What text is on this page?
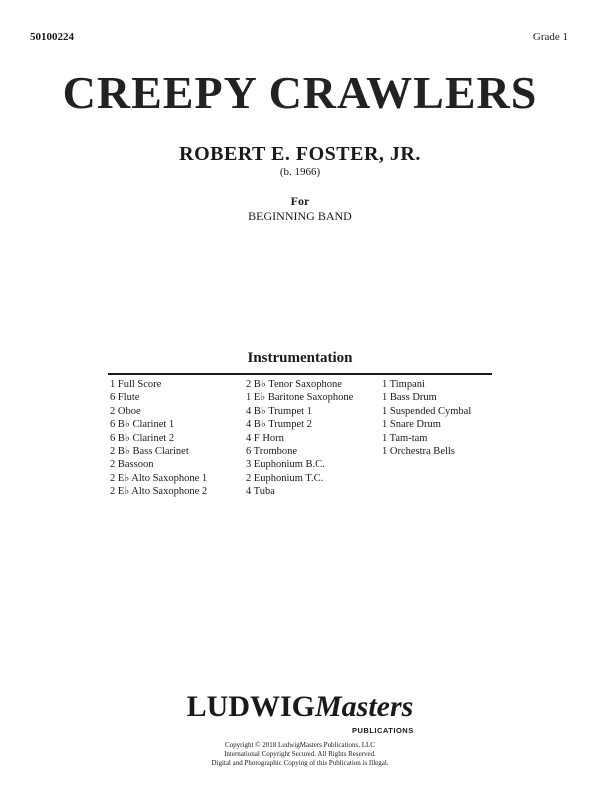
50100224	Grade 1
CREEPY CRAWLERS
ROBERT E. FOSTER, JR.
(b. 1966)
For
BEGINNING BAND
Instrumentation
1 Full Score
6 Flute
2 Oboe
6 B♭ Clarinet 1
6 B♭ Clarinet 2
2 B♭ Bass Clarinet
2 Bassoon
2 E♭ Alto Saxophone 1
2 E♭ Alto Saxophone 2
2 B♭ Tenor Saxophone
1 E♭ Baritone Saxophone
4 B♭ Trumpet 1
4 B♭ Trumpet 2
4 F Horn
6 Trombone
3 Euphonium B.C.
2 Euphonium T.C.
4 Tuba
1 Timpani
1 Bass Drum
1 Suspended Cymbal
1 Snare Drum
1 Tam-tam
1 Orchestra Bells
LUDWIGMasters
PUBLICATIONS
Copyright © 2018 LudwigMasters Publications, LLC
International Copyright Secured. All Rights Reserved.
Digital and Photographic Copying of this Publication is Illegal.
